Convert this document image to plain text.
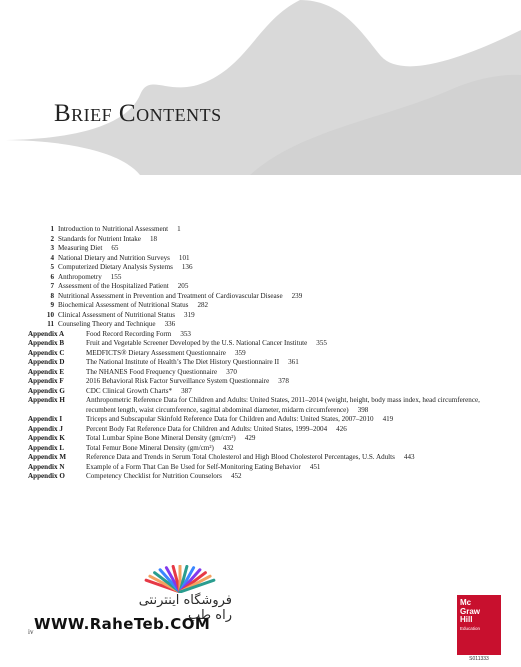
Brief Contents
1 Introduction to Nutritional Assessment 1
2 Standards for Nutrient Intake 18
3 Measuring Diet 65
4 National Dietary and Nutrition Surveys 101
5 Computerized Dietary Analysis Systems 136
6 Anthropometry 155
7 Assessment of the Hospitalized Patient 205
8 Nutritional Assessment in Prevention and Treatment of Cardiovascular Disease 239
9 Biochemical Assessment of Nutritional Status 282
10 Clinical Assessment of Nutritional Status 319
11 Counseling Theory and Technique 336
Appendix A	Food Record Recording Form 353
Appendix B	Fruit and Vegetable Screener Developed by the U.S. National Cancer Institute 355
Appendix C	MEDFICTS® Dietary Assessment Questionnaire 359
Appendix D	The National Institute of Health’s The Diet History Questionnaire II 361
Appendix E	The NHANES Food Frequency Questionnaire 370
Appendix F	2016 Behavioral Risk Factor Surveillance System Questionnaire 378
Appendix G	CDC Clinical Growth Charts* 387
Appendix H	Anthropometric Reference Data for Children and Adults: United States, 2011–2014 (weight, height, body mass index, head circumference, recumbent length, waist circumference, sagittal abdominal diameter, midarm circumference) 398
Appendix I	Triceps and Subscapular Skinfold Reference Data for Children and Adults: United States, 2007–2010 419
Appendix J	Percent Body Fat Reference Data for Children and Adults: United States, 1999–2004 426
Appendix K	Total Lumbar Spine Bone Mineral Density (gm/cm²) 429
Appendix L	Total Femur Bone Mineral Density (gm/cm²) 432
Appendix M	Reference Data and Trends in Serum Total Cholesterol and High Blood Cholesterol Percentages, U.S. Adults 443
Appendix N	Example of a Form That Can Be Used for Self-Monitoring Eating Behavior 451
Appendix O	Competency Checklist for Nutrition Counselors 452
فروشگاه اینترنتی راه طب
WWW.RaheTeb.COM
iv
Mc
Graw
Hill
Education
S011333
